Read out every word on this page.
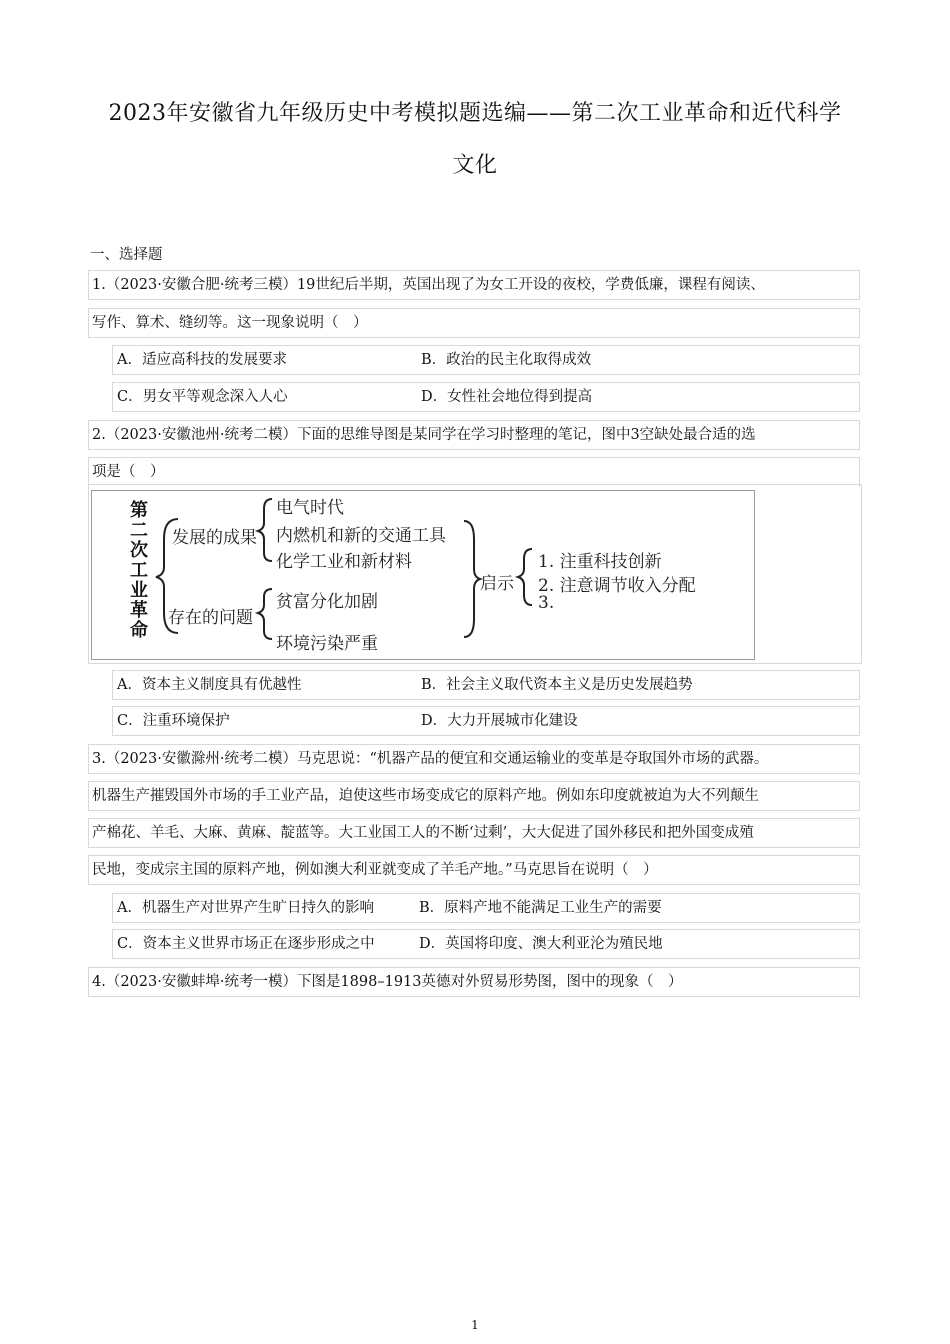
2023年安徽省九年级历史中考模拟题选编——第二次工业革命和近代科学
文化
一、选择题
1.（2023·安徽合肥·统考三模）19世纪后半期，英国出现了为女工开设的夜校，学费低廉，课程有阅读、
写作、算术、缝纫等。这一现象说明（　）
A．适应高科技的发展要求	B．政治的民主化取得成效
C．男女平等观念深入人心	D．女性社会地位得到提高
2.（2023·安徽池州·统考二模）下面的思维导图是某同学在学习时整理的笔记，图中3空缺处最合适的选
项是（　）
第
二
次
工
业
革
命
发展的成果
电气时代
内燃机和新的交通工具
化学工业和新材料
存在的问题
贫富分化加剧
环境污染严重
启示
1. 注重科技创新
2. 注意调节收入分配
3.
A．资本主义制度具有优越性	B．社会主义取代资本主义是历史发展趋势
C．注重环境保护	D．大力开展城市化建设
3.（2023·安徽滁州·统考二模）马克思说：“机器产品的便宜和交通运输业的变革是夺取国外市场的武器。
机器生产摧毁国外市场的手工业产品，迫使这些市场变成它的原料产地。例如东印度就被迫为大不列颠生
产棉花、羊毛、大麻、黄麻、靛蓝等。大工业国工人的不断‘过剩’，大大促进了国外移民和把外国变成殖
民地，变成宗主国的原料产地，例如澳大利亚就变成了羊毛产地。”马克思旨在说明（　）
A．机器生产对世界产生旷日持久的影响	B．原料产地不能满足工业生产的需要
C．资本主义世界市场正在逐步形成之中	D．英国将印度、澳大利亚沦为殖民地
4.（2023·安徽蚌埠·统考一模）下图是1898–1913英德对外贸易形势图，图中的现象（　）
1
